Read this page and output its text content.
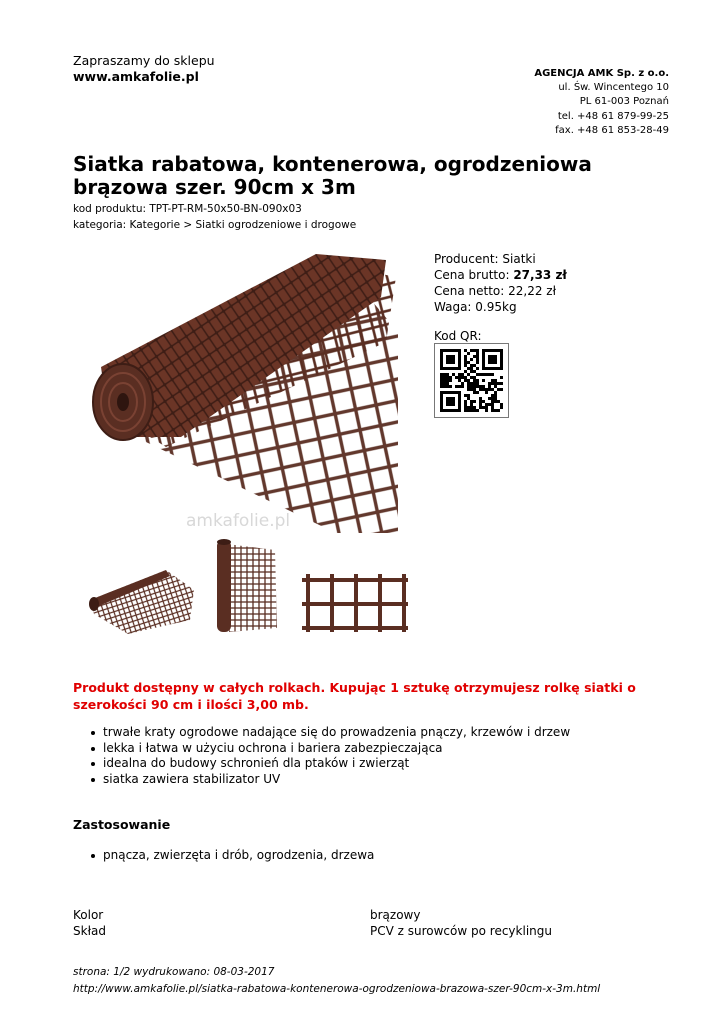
Zapraszamy do sklepu
www.amkafolie.pl	AGENCJA AMK Sp. z o.o.
ul. Św. Wincentego 10
PL 61-003 Poznań
tel. +48 61 879-99-25
fax. +48 61 853-28-49
Siatka rabatowa, kontenerowa, ogrodzeniowa
brązowa szer. 90cm x 3m
kod produktu: TPT-PT-RM-50x50-BN-090x03
kategoria: Kategorie > Siatki ogrodzeniowe i drogowe
amkafolie.pl
Producent: Siatki
Cena brutto: 27,33 zł
Cena netto: 22,22 zł
Waga: 0.95kg
Kod QR:
Produkt dostępny w całych rolkach. Kupując 1 sztukę otrzymujesz rolkę siatki o szerokości 90 cm i ilości 3,00 mb.
trwałe kraty ogrodowe nadające się do prowadzenia pnączy, krzewów i drzew
lekka i łatwa w użyciu ochrona i bariera zabezpieczająca
idealna do budowy schronień dla ptaków i zwierząt
siatka zawiera stabilizator UV
Zastosowanie
pnącza, zwierzęta i drób, ogrodzenia, drzewa
Kolor	brązowy
Skład	PCV z surowców po recyklingu
strona: 1/2 wydrukowano: 08-03-2017
http://www.amkafolie.pl/siatka-rabatowa-kontenerowa-ogrodzeniowa-brazowa-szer-90cm-x-3m.html
